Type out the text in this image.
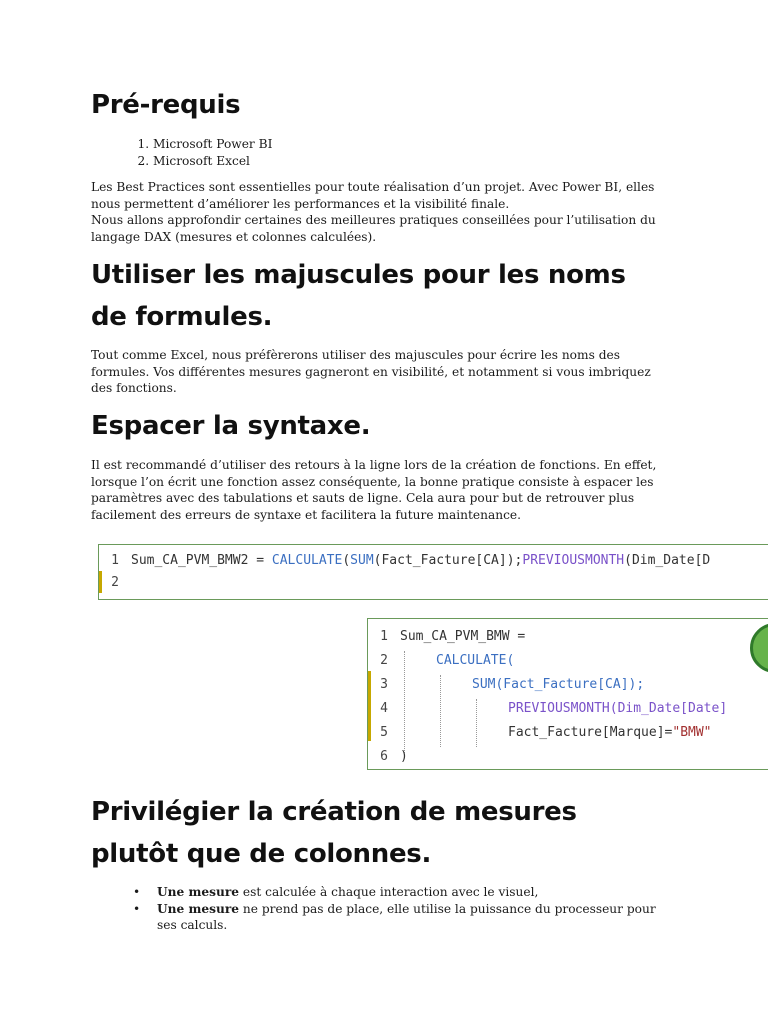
Pré-requis
1. Microsoft Power BI
2. Microsoft Excel

Les Best Practices sont essentielles pour toute réalisation d’un projet. Avec Power BI, elles nous permettent d’améliorer les performances et la visibilité finale.

Nous allons approfondir certaines des meilleures pratiques conseillées pour l’utilisation du langage DAX (mesures et colonnes calculées).

Utiliser les majuscules pour les noms
de formules.

Tout comme Excel, nous préfèrerons utiliser des majuscules pour écrire les noms des formules. Vos différentes mesures gagneront en visibilité, et notamment si vous imbriquez des fonctions.

Espacer la syntaxe.

Il est recommandé d’utiliser des retours à la ligne lors de la création de fonctions. En effet, lorsque l’on écrit une fonction assez conséquente, la bonne pratique consiste à espacer les paramètres avec des tabulations et sauts de ligne. Cela aura pour but de retrouver plus facilement des erreurs de syntaxe et facilitera la future maintenance.

Privilégier la création de mesures
plutôt que de colonnes.
• Une mesure est calculée à chaque interaction avec le visuel,
• Une mesure ne prend pas de place, elle utilise la puissance du processeur pour ses calculs.
1 Sum_CA_PVM_BMW2 = CALCULATE(SUM(Fact_Facture[CA]);PREVIOUSMONTH(Dim_Date[D
2
1 Sum_CA_PVM_BMW =
2	CALCULATE(
3	SUM(Fact_Facture[CA]);
4	PREVIOUSMONTH(Dim_Date[Date]
5	Fact_Facture[Marque]="BMW"
6 )
